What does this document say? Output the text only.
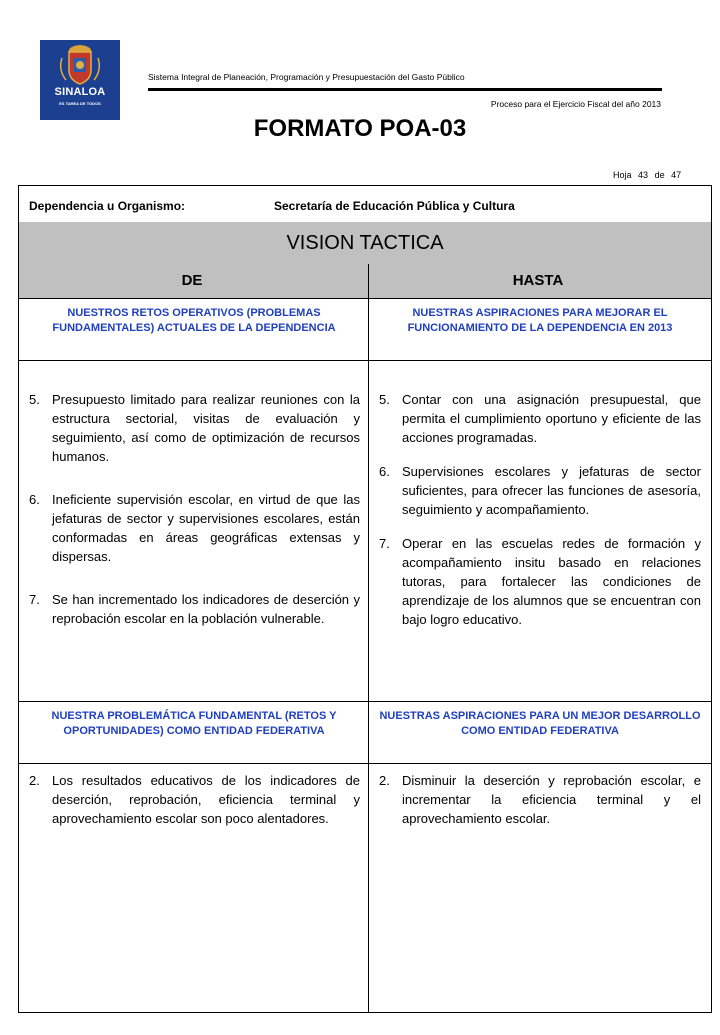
SINALOA
ES TAREA DE TODOS
Sistema Integral de Planeación, Programación y Presupuestación del Gasto Público
Proceso para el Ejercicio Fiscal del año 2013
FORMATO POA-03
Hoja 43 de 47
Dependencia u Organismo:	Secretaría de Educación Pública y Cultura
VISION TACTICA
DE	HASTA
NUESTROS RETOS OPERATIVOS (PROBLEMAS FUNDAMENTALES) ACTUALES DE LA DEPENDENCIA
NUESTRAS ASPIRACIONES PARA MEJORAR EL FUNCIONAMIENTO DE LA DEPENDENCIA EN 2013
5. Presupuesto limitado para realizar reuniones con la estructura sectorial, visitas de evaluación y seguimiento, así como de optimización de recursos humanos.
6. Ineficiente supervisión escolar, en virtud de que las jefaturas de sector y supervisiones escolares, están conformadas en áreas geográficas extensas y dispersas.
7. Se han incrementado los indicadores de deserción y reprobación escolar en la población vulnerable.
5. Contar con una asignación presupuestal, que permita el cumplimiento oportuno y eficiente de las acciones programadas.
6. Supervisiones escolares y jefaturas de sector suficientes, para ofrecer las funciones de asesoría, seguimiento y acompañamiento.
7. Operar en las escuelas redes de formación y acompañamiento insitu basado en relaciones tutoras, para fortalecer las condiciones de aprendizaje de los alumnos que se encuentran con bajo logro educativo.
NUESTRA PROBLEMÁTICA FUNDAMENTAL (RETOS Y OPORTUNIDADES) COMO ENTIDAD FEDERATIVA
NUESTRAS ASPIRACIONES PARA UN MEJOR DESARROLLO COMO ENTIDAD FEDERATIVA
2. Los resultados educativos de los indicadores de deserción, reprobación, eficiencia terminal y aprovechamiento escolar son poco alentadores.
2. Disminuir la deserción y reprobación escolar, e incrementar la eficiencia terminal y el aprovechamiento escolar.
